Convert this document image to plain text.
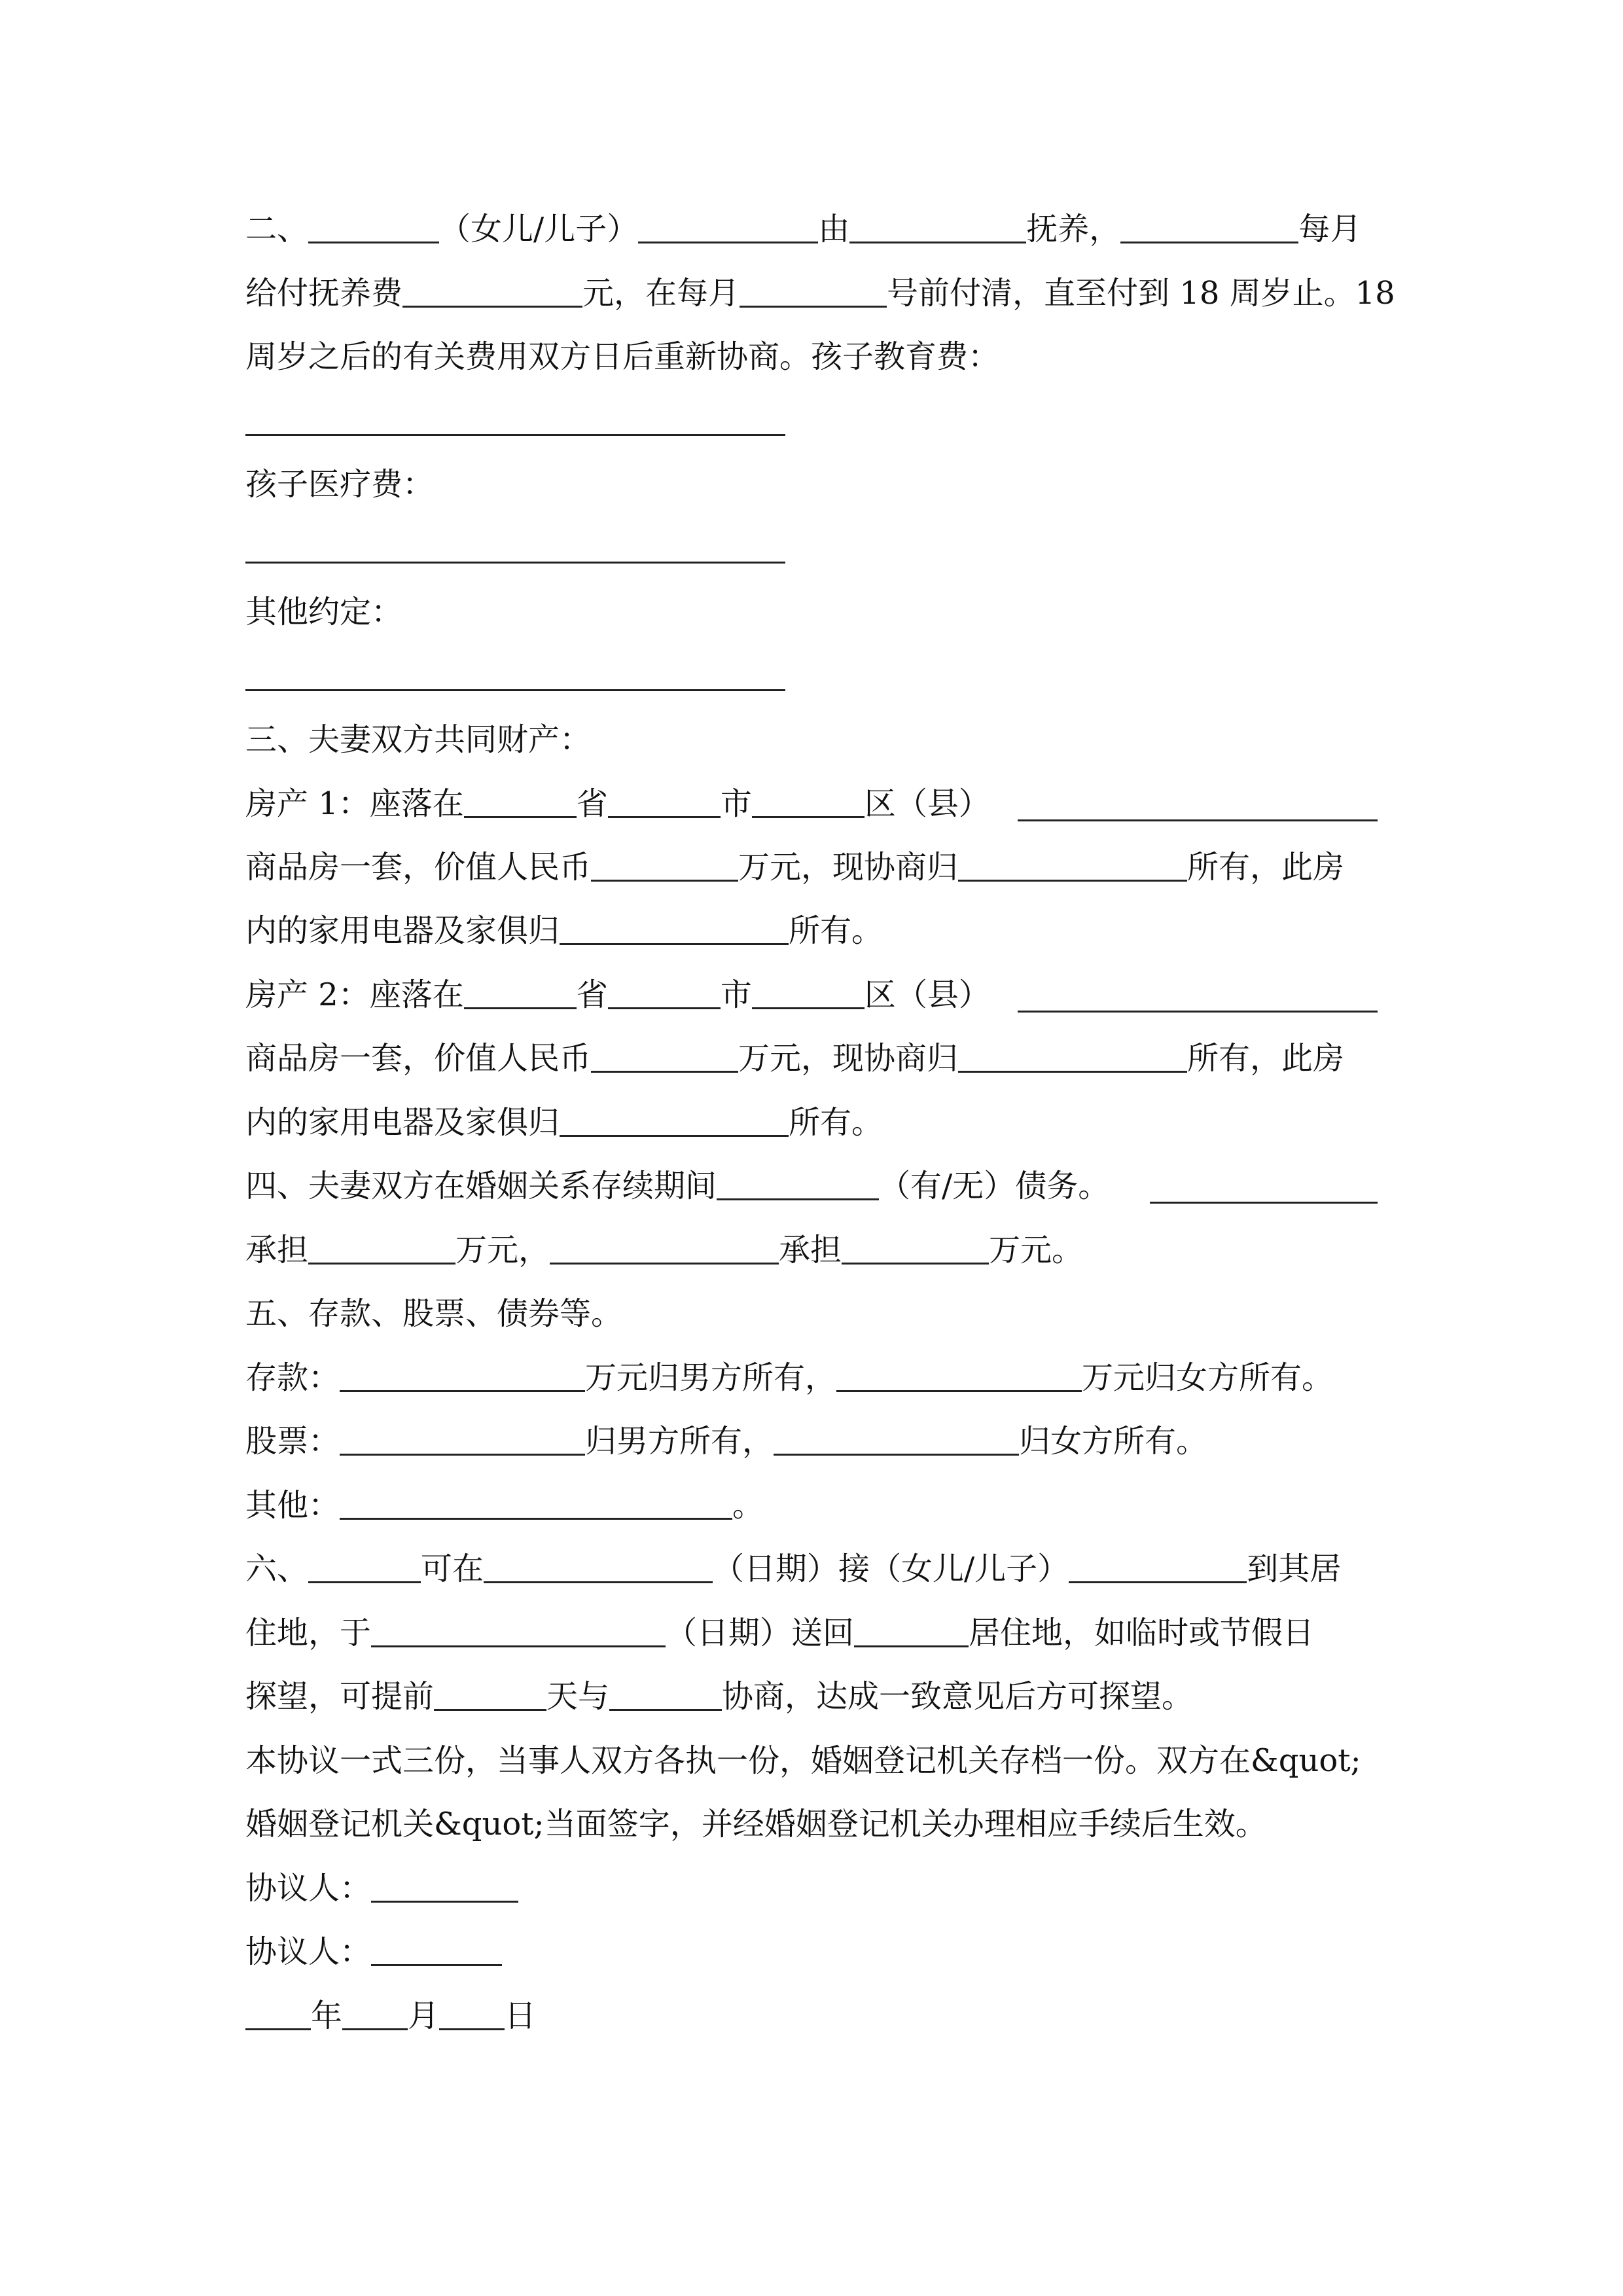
二、	（女儿/儿子）	由	抚养，	每月
给付抚养费	元，在每月	号前付清，直至付到 18 周岁止。18
周岁之后的有关费用双方日后重新协商。孩子教育费：
孩子医疗费：
其他约定：
三、夫妻双方共同财产：
房产 1：座落在	省	市	区（县）
商品房一套，价值人民币	万元，现协商归	所有，此房
内的家用电器及家俱归	所有。
房产 2：座落在	省	市	区（县）
商品房一套，价值人民币	万元，现协商归	所有，此房
内的家用电器及家俱归	所有。
四、夫妻双方在婚姻关系存续期间	（有/无）债务。
承担	万元，	承担	万元。
五、存款、股票、债券等。
存款：	万元归男方所有，	万元归女方所有。
股票：	归男方所有，	归女方所有。
其他：	。
六、	可在	（日期）接（女儿/儿子）	到其居
住地，于	（日期）送回	居住地，如临时或节假日
探望，可提前	天与	协商，达成一致意见后方可探望。
本协议一式三份，当事人双方各执一份，婚姻登记机关存档一份。双方在&quot;
婚姻登记机关&quot;当面签字，并经婚姻登记机关办理相应手续后生效。
协议人：
协议人：
年 月 日
